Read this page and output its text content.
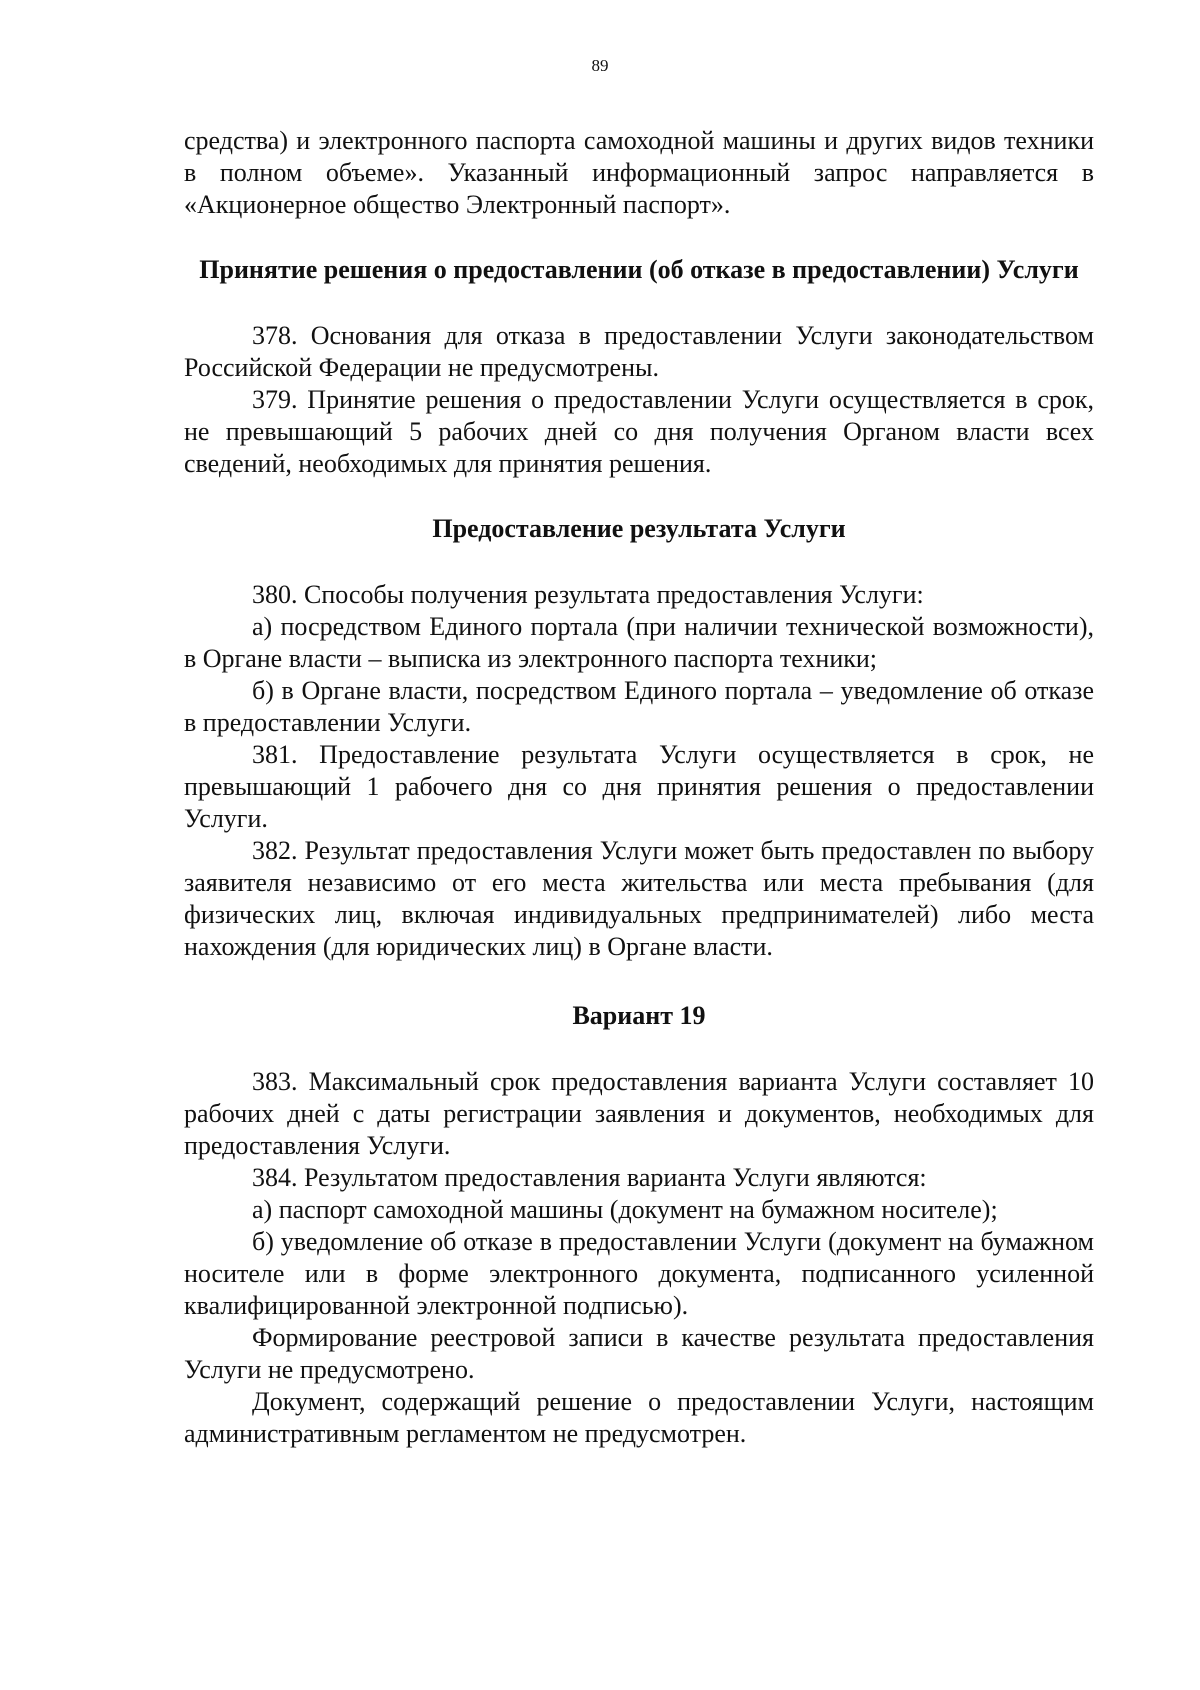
89

средства) и электронного паспорта самоходной машины и других видов техники в полном объеме». Указанный информационный запрос направляется в «Акционерное общество Электронный паспорт».

Принятие решения о предоставлении (об отказе в предоставлении) Услуги

378. Основания для отказа в предоставлении Услуги законодательством Российской Федерации не предусмотрены.

379. Принятие решения о предоставлении Услуги осуществляется в срок, не превышающий 5 рабочих дней со дня получения Органом власти всех сведений, необходимых для принятия решения.

Предоставление результата Услуги

380. Способы получения результата предоставления Услуги:

а) посредством Единого портала (при наличии технической возможности), в Органе власти – выписка из электронного паспорта техники;

б) в Органе власти, посредством Единого портала – уведомление об отказе в предоставлении Услуги.

381. Предоставление результата Услуги осуществляется в срок, не превышающий 1 рабочего дня со дня принятия решения о предоставлении Услуги.

382. Результат предоставления Услуги может быть предоставлен по выбору заявителя независимо от его места жительства или места пребывания (для физических лиц, включая индивидуальных предпринимателей) либо места нахождения (для юридических лиц) в Органе власти.

Вариант 19

383. Максимальный срок предоставления варианта Услуги составляет 10 рабочих дней с даты регистрации заявления и документов, необходимых для предоставления Услуги.

384. Результатом предоставления варианта Услуги являются:

а) паспорт самоходной машины (документ на бумажном носителе);

б) уведомление об отказе в предоставлении Услуги (документ на бумажном носителе или в форме электронного документа, подписанного усиленной квалифицированной электронной подписью).

Формирование реестровой записи в качестве результата предоставления Услуги не предусмотрено.

Документ, содержащий решение о предоставлении Услуги, настоящим административным регламентом не предусмотрен.
